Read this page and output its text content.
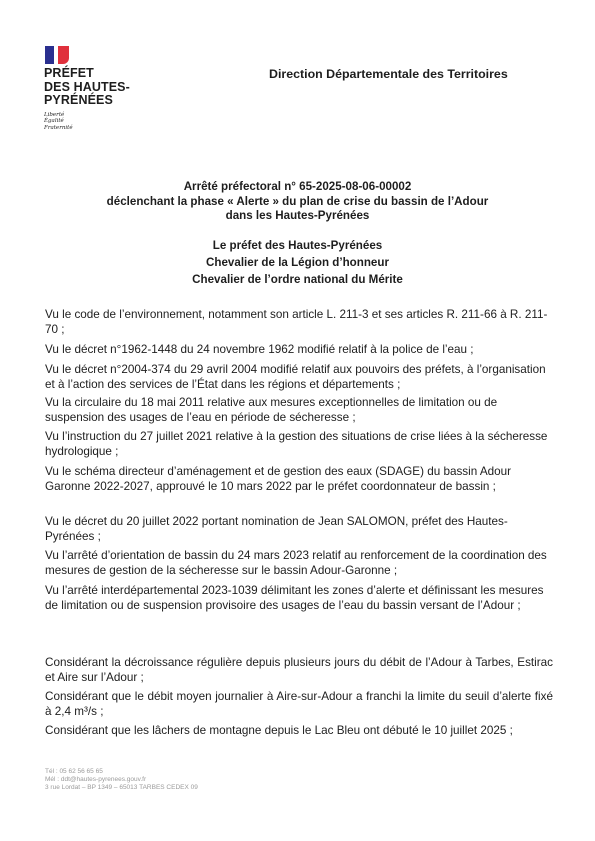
PRÉFET
DES HAUTES-
PYRÉNÉES
Liberté
Égalité
Fraternité
Direction Départementale des Territoires
Arrêté préfectoral n° 65-2025-08-06-00002
déclenchant la phase « Alerte » du plan de crise du bassin de l’Adour
dans les Hautes-Pyrénées
Le préfet des Hautes-Pyrénées
Chevalier de la Légion d’honneur
Chevalier de l’ordre national du Mérite
Vu le code de l’environnement, notamment son article L. 211-3 et ses articles R. 211-66 à R. 211-70 ;
Vu le décret n°1962-1448 du 24 novembre 1962 modifié relatif à la police de l’eau ;
Vu le décret n°2004-374 du 29 avril 2004 modifié relatif aux pouvoirs des préfets, à l’organisation et à l’action des services de l’État dans les régions et départements ;
Vu la circulaire du 18 mai 2011 relative aux mesures exceptionnelles de limitation ou de suspension des usages de l’eau en période de sécheresse ;
Vu l’instruction du 27 juillet 2021 relative à la gestion des situations de crise liées à la sécheresse hydrologique ;
Vu le schéma directeur d’aménagement et de gestion des eaux (SDAGE) du bassin Adour Garonne 2022-2027, approuvé le 10 mars 2022 par le préfet coordonnateur de bassin ;
Vu le décret du 20 juillet 2022 portant nomination de Jean SALOMON, préfet des Hautes-Pyrénées ;
Vu l’arrêté d’orientation de bassin du 24 mars 2023 relatif au renforcement de la coordination des mesures de gestion de la sécheresse sur le bassin Adour-Garonne ;
Vu l’arrêté interdépartemental 2023-1039 délimitant les zones d’alerte et définissant les mesures de limitation ou de suspension provisoire des usages de l’eau du bassin versant de l’Adour ;
Considérant la décroissance régulière depuis plusieurs jours du débit de l’Adour à Tarbes, Estirac et Aire sur l’Adour ;
Considérant que le débit moyen journalier à Aire-sur-Adour a franchi la limite du seuil d’alerte fixé à 2,4 m³/s ;
Considérant que les lâchers de montagne depuis le Lac Bleu ont débuté le 10 juillet 2025 ;
Tél : 05 62 56 65 65
Mél : ddt@hautes-pyrenees.gouv.fr
3 rue Lordat – BP 1349 – 65013 TARBES CEDEX 09
